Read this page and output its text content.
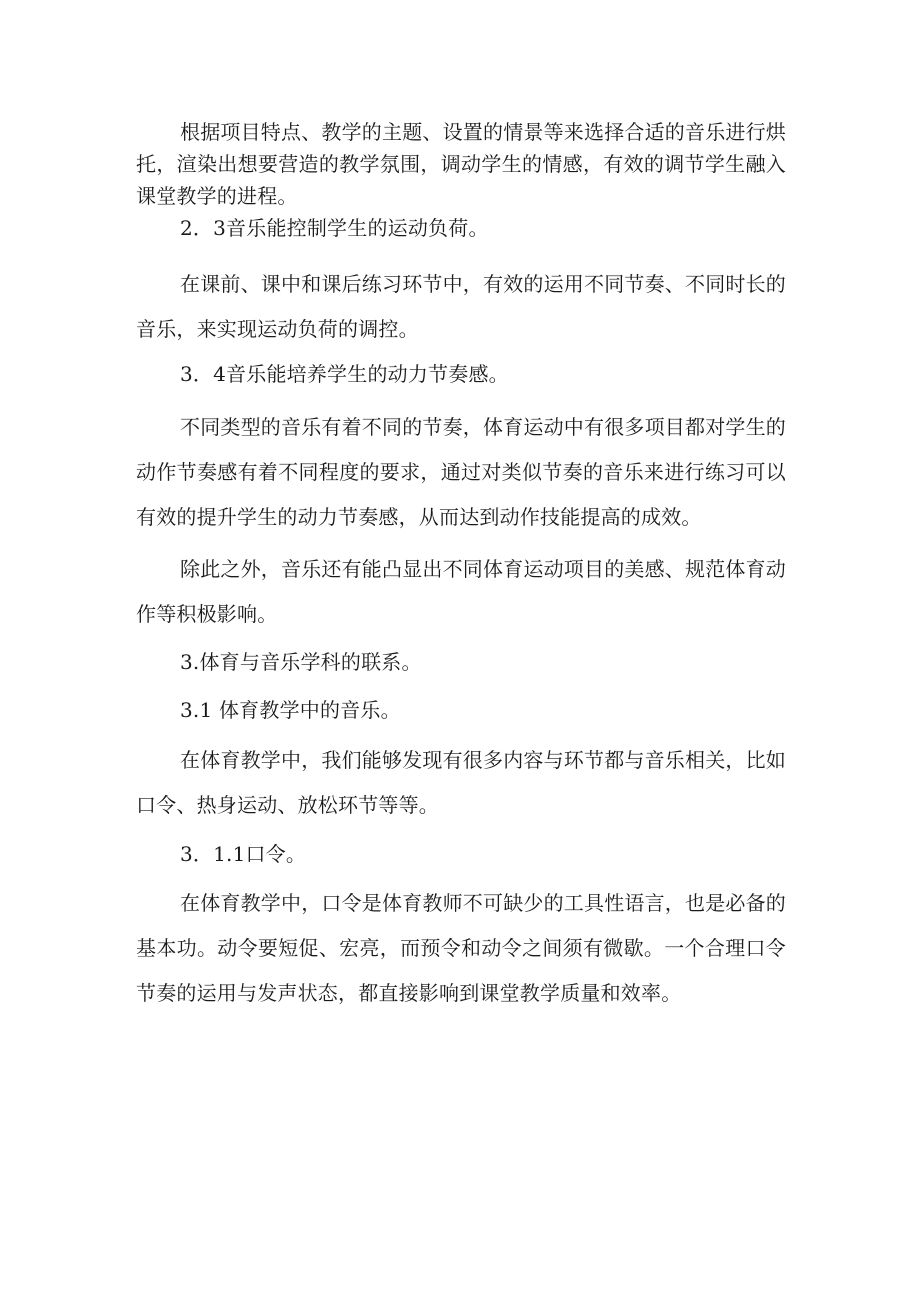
根据项目特点、教学的主题、设置的情景等来选择合适的音乐进行烘托，渲染出想要营造的教学氛围，调动学生的情感，有效的调节学生融入课堂教学的进程。

2．3音乐能控制学生的运动负荷。

在课前、课中和课后练习环节中，有效的运用不同节奏、不同时长的音乐，来实现运动负荷的调控。

3．4音乐能培养学生的动力节奏感。

不同类型的音乐有着不同的节奏，体育运动中有很多项目都对学生的动作节奏感有着不同程度的要求，通过对类似节奏的音乐来进行练习可以有效的提升学生的动力节奏感，从而达到动作技能提高的成效。

除此之外，音乐还有能凸显出不同体育运动项目的美感、规范体育动作等积极影响。

3.体育与音乐学科的联系。

3.1 体育教学中的音乐。

在体育教学中，我们能够发现有很多内容与环节都与音乐相关，比如口令、热身运动、放松环节等等。

3．1.1口令。

在体育教学中，口令是体育教师不可缺少的工具性语言，也是必备的基本功。动令要短促、宏亮，而预令和动令之间须有微歇。一个合理口令节奏的运用与发声状态，都直接影响到课堂教学质量和效率。
